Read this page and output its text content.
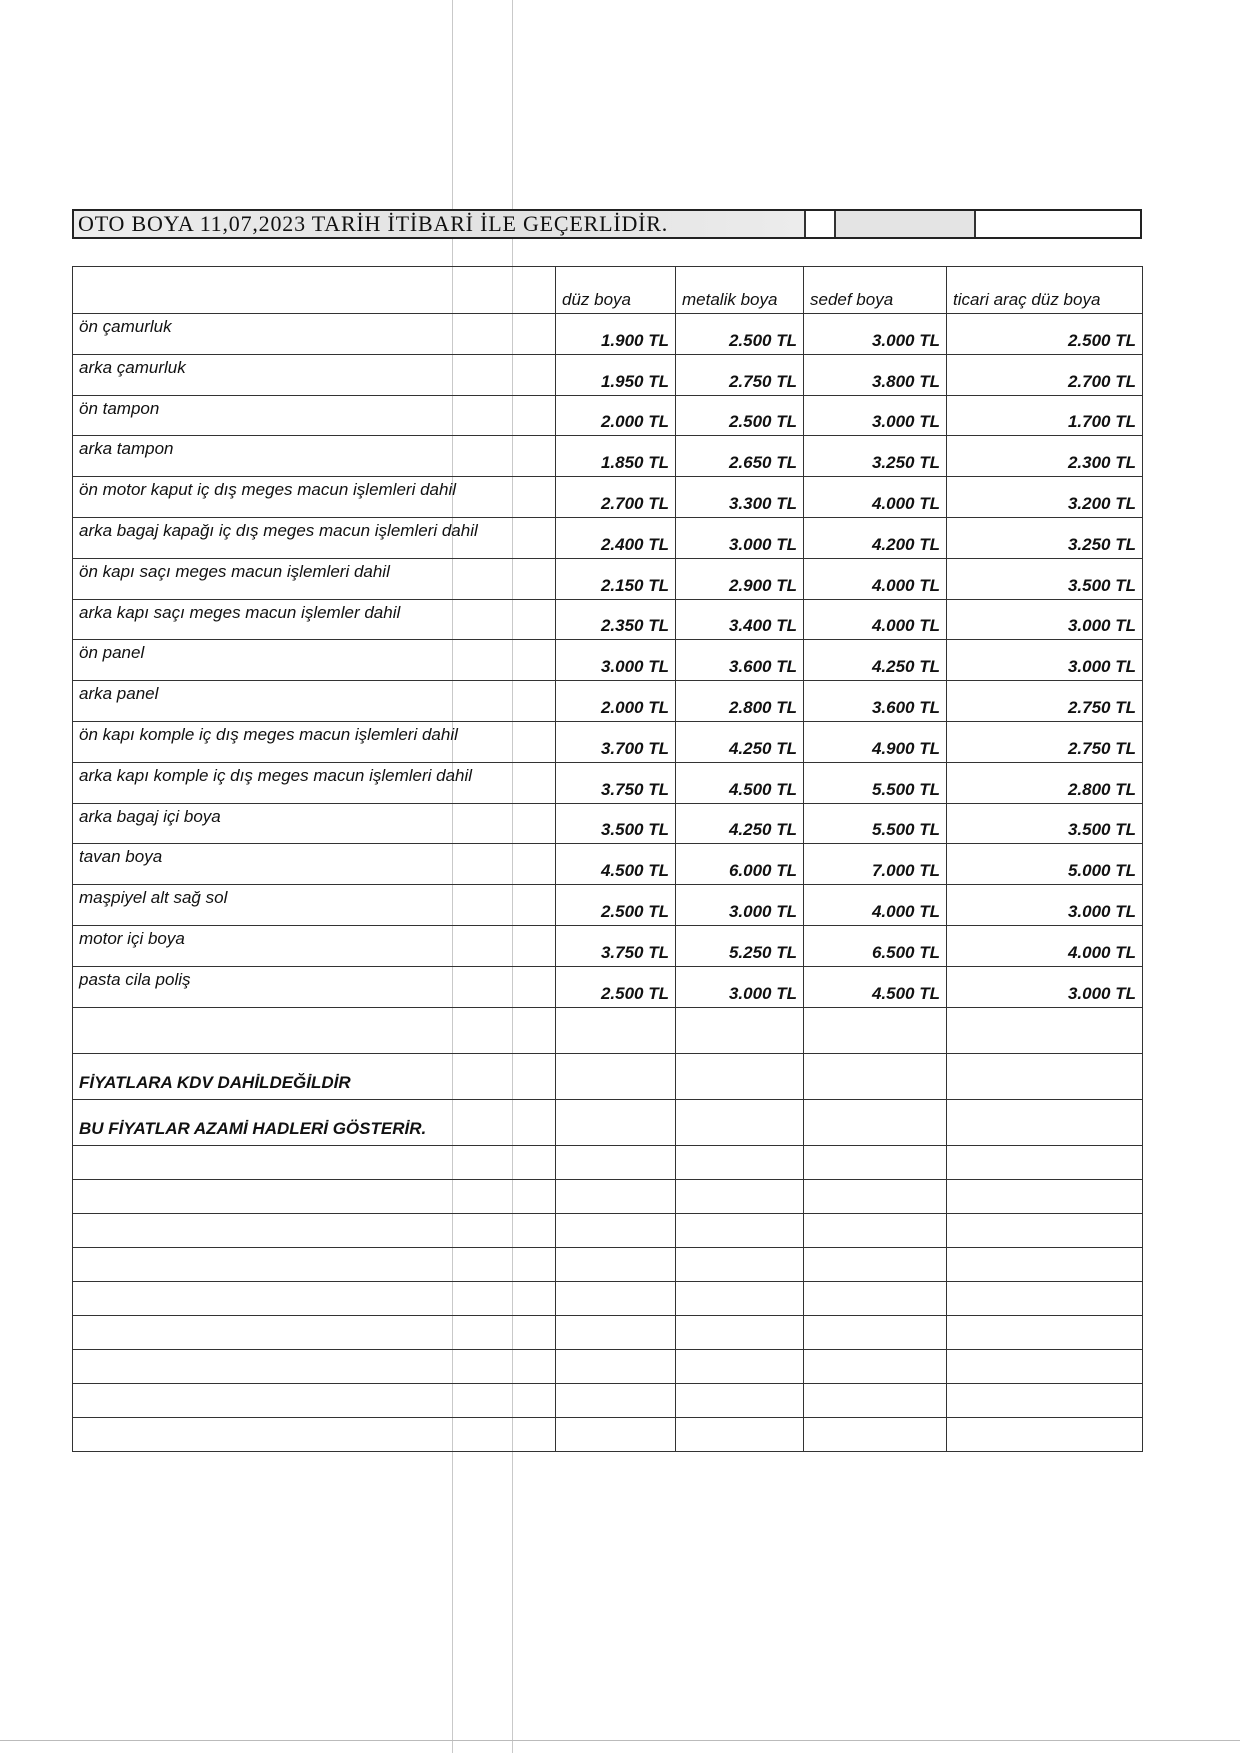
OTO BOYA 11,07,2023 TARİH İTİBARİ İLE GEÇERLİDİR.
	düz boya	metalik boya	sedef boya	ticari araç düz boya
ön çamurluk	1.900 TL	2.500 TL	3.000 TL	2.500 TL
arka çamurluk	1.950 TL	2.750 TL	3.800 TL	2.700 TL
ön tampon	2.000 TL	2.500 TL	3.000 TL	1.700 TL
arka tampon	1.850 TL	2.650 TL	3.250 TL	2.300 TL
ön motor kaput iç dış meges macun işlemleri dahil	2.700 TL	3.300 TL	4.000 TL	3.200 TL
arka bagaj kapağı iç dış meges macun işlemleri dahil	2.400 TL	3.000 TL	4.200 TL	3.250 TL
ön kapı saçı meges macun işlemleri dahil	2.150 TL	2.900 TL	4.000 TL	3.500 TL
arka kapı saçı meges macun işlemler dahil	2.350 TL	3.400 TL	4.000 TL	3.000 TL
ön panel	3.000 TL	3.600 TL	4.250 TL	3.000 TL
arka panel	2.000 TL	2.800 TL	3.600 TL	2.750 TL
ön kapı komple iç dış meges macun işlemleri dahil	3.700 TL	4.250 TL	4.900 TL	2.750 TL
arka kapı komple iç dış meges macun işlemleri dahil	3.750 TL	4.500 TL	5.500 TL	2.800 TL
arka bagaj içi boya	3.500 TL	4.250 TL	5.500 TL	3.500 TL
tavan boya	4.500 TL	6.000 TL	7.000 TL	5.000 TL
maşpiyel alt sağ sol	2.500 TL	3.000 TL	4.000 TL	3.000 TL
motor içi boya	3.750 TL	5.250 TL	6.500 TL	4.000 TL
pasta cila poliş	2.500 TL	3.000 TL	4.500 TL	3.000 TL

FİYATLARA KDV DAHİLDEĞİLDİR				
BU FİYATLAR AZAMİ HADLERİ GÖSTERİR.				
